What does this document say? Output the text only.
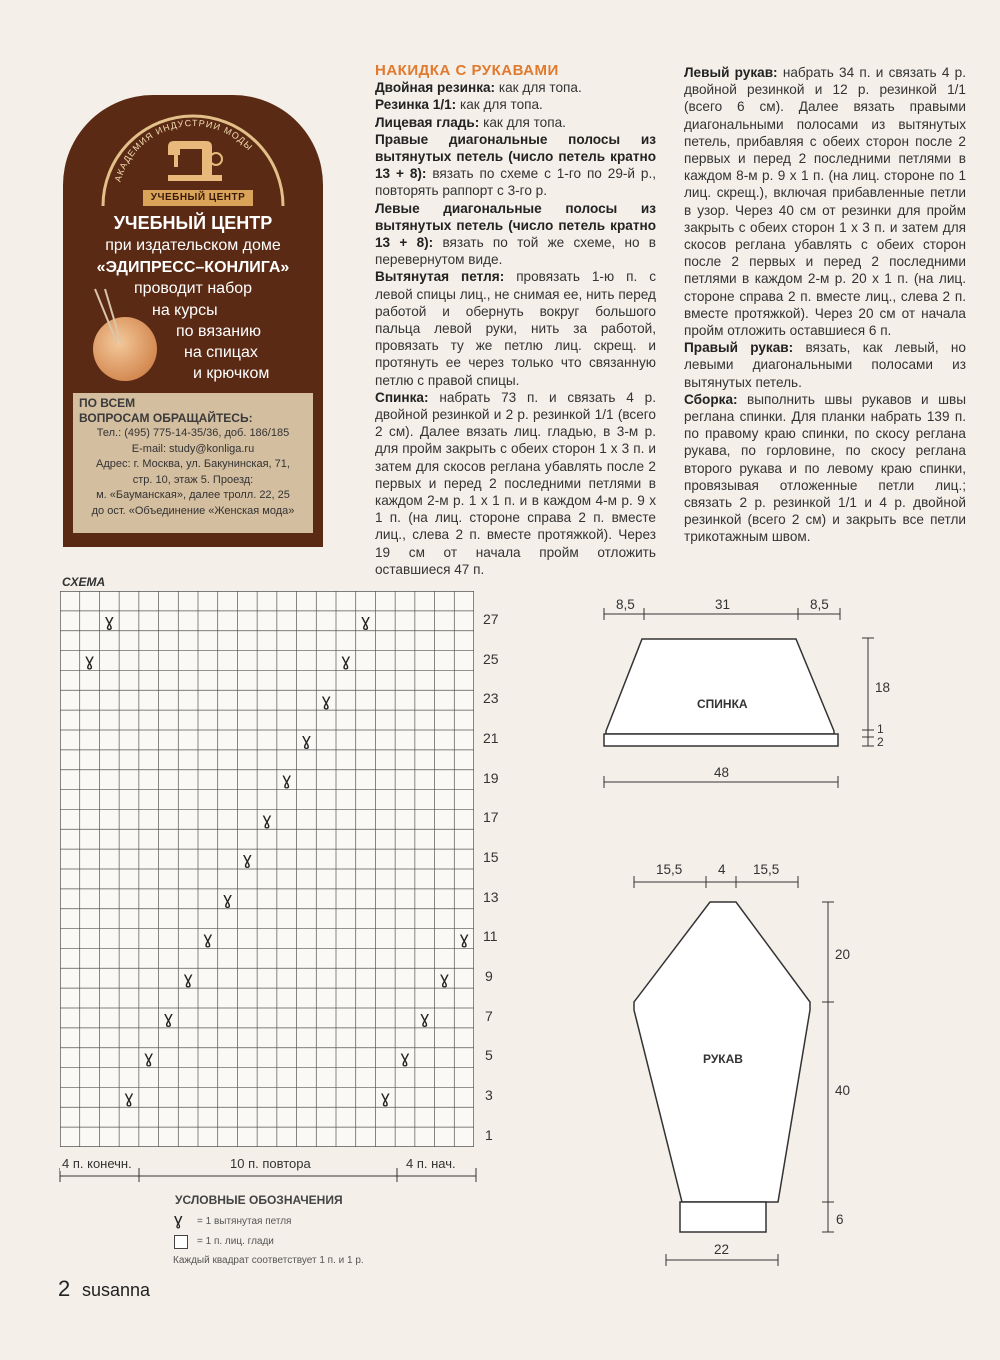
АКАДЕМИЯ ИНДУСТРИИ МОДЫ
УЧЕБНЫЙ ЦЕНТР
УЧЕБНЫЙ ЦЕНТР
при издательском доме
«ЭДИПРЕСС–КОНЛИГА»
проводит набор
на курсы
по вязанию
на спицах
и крючком
ПО ВСЕМ
ВОПРОСАМ ОБРАЩАЙТЕСЬ:
Тел.: (495) 775-14-35/36, доб. 186/185
E-mail: study@konliga.ru
Адрес: г. Москва, ул. Бакунинская, 71,
стр. 10, этаж 5. Проезд:
м. «Бауманская», далее тролл. 22, 25
до ост. «Объединение «Женская мода»

НАКИДКА С РУКАВАМИ

Двойная резинка: как для топа.

Резинка 1/1: как для топа.

Лицевая гладь: как для топа.

Правые диагональные полосы из вытянутых петель (число петель кратно 13 + 8): вязать по схеме с 1-го по 29-й р., повторять раппорт с 3-го р.

Левые диагональные полосы из вытянутых петель (число петель кратно 13 + 8): вязать по той же схеме, но в перевернутом виде.

Вытянутая петля: провязать 1-ю п. с левой спицы лиц., не снимая ее, нить перед работой и обернуть вокруг большого пальца левой руки, нить за работой, провязать ту же петлю лиц. скрещ. и протянуть ее через только что связанную петлю с правой спицы.

Спинка: набрать 73 п. и связать 4 р. двойной резинкой и 2 р. резинкой 1/1 (всего 2 см). Далее вязать лиц. гладью, в 3-м р. для пройм закрыть с обеих сторон 1 х 3 п. и затем для скосов реглана убавлять после 2 первых и перед 2 последними петлями в каждом 2-м р. 1 х 1 п. и в каждом 4-м р. 9 х 1 п. (на лиц. стороне справа 2 п. вместе лиц., слева 2 п. вместе протяжкой). Через 19 см от начала пройм отложить оставшиеся 47 п.

Левый рукав: набрать 34 п. и связать 4 р. двойной резинкой и 12 р. резинкой 1/1 (всего 6 см). Далее вязать правыми диагональными полосами из вытянутых петель, прибавляя с обеих сторон после 2 первых и перед 2 последними петлями в каждом 8-м р. 9 х 1 п. (на лиц. стороне по 1 лиц. скрещ.), включая прибавленные петли в узор. Через 40 см от резинки для пройм закрыть с обеих сторон 1 х 3 п. и затем для скосов реглана убавлять с обеих сторон после 2 первых и перед 2 последними петлями в каждом 2-м р. 20 х 1 п. (на лиц. стороне справа 2 п. вместе лиц., слева 2 п. вместе протяжкой). Через 20 см от начала пройм отложить оставшиеся 6 п.

Правый рукав: вязать, как левый, но левыми диагональными полосами из вытянутых петель.

Сборка: выполнить швы рукавов и швы реглана спинки. Для планки набрать 139 п. по правому краю спинки, по скосу реглана рукава, по горловине, по скосу реглана второго рукава и по левому краю спинки, провязывая отложенные петли лиц.; связать 2 р. резинкой 1/1 и 4 р. двойной резинкой (всего 2 см) и закрыть все петли трикотажным швом.

СХЕМА
ɣ	ɣ
ɣ	ɣ
ɣ
ɣ
ɣ
ɣ
ɣ
ɣ
ɣ	ɣ
ɣ	ɣ
ɣ	ɣ
ɣ	ɣ
ɣ	ɣ
27
25
23
21
19
17
15
13
11
9
7
5
3
1
4 п. конечн.	10 п. повтора	4 п. нач.
УСЛОВНЫЕ ОБОЗНАЧЕНИЯ
ɣ = 1 вытянутая петля
= 1 п. лиц. глади
Каждый квадрат соответствует 1 п. и 1 р.
8,5	31	8,5
СПИНКА
18
1
2
48
15,5	4 15,5
РУКАВ
20
40
6
22
2 susanna
